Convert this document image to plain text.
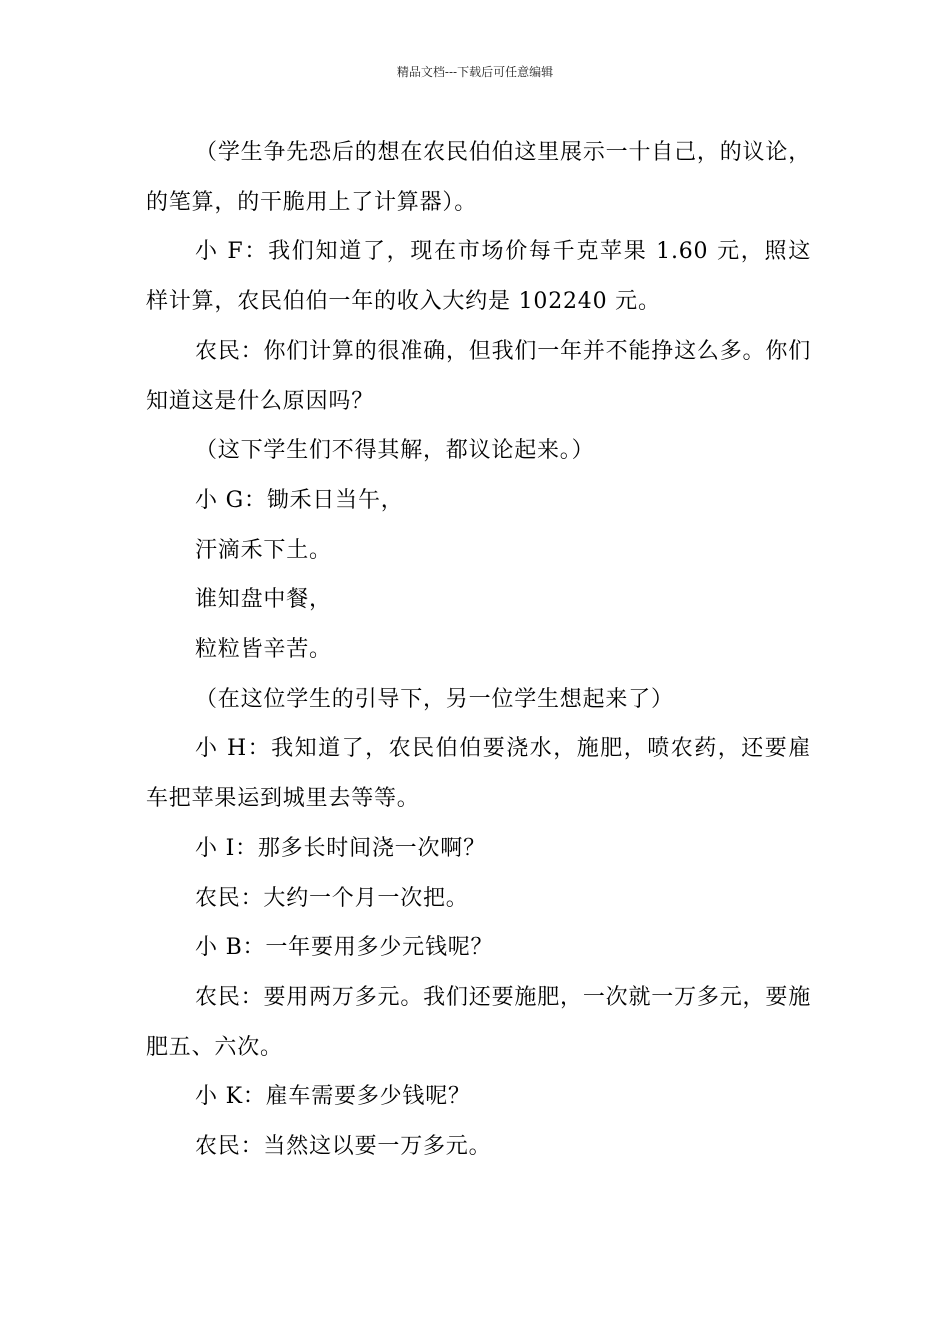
精品文档---下载后可任意编辑

（学生争先恐后的想在农民伯伯这里展示一十自己，的议论，的笔算，的干脆用上了计算器）。

小 F：我们知道了，现在市场价每千克苹果 1.60 元，照这样计算，农民伯伯一年的收入大约是 102240 元。

农民：你们计算的很准确，但我们一年并不能挣这么多。你们知道这是什么原因吗？

（这下学生们不得其解，都议论起来。）

小 G：锄禾日当午，

汗滴禾下土。

谁知盘中餐，

粒粒皆辛苦。

（在这位学生的引导下，另一位学生想起来了）

小 H：我知道了，农民伯伯要浇水，施肥，喷农药，还要雇车把苹果运到城里去等等。

小 I：那多长时间浇一次啊？

农民：大约一个月一次把。

小 B：一年要用多少元钱呢？

农民：要用两万多元。我们还要施肥，一次就一万多元，要施肥五、六次。

小 K：雇车需要多少钱呢？

农民：当然这以要一万多元。
